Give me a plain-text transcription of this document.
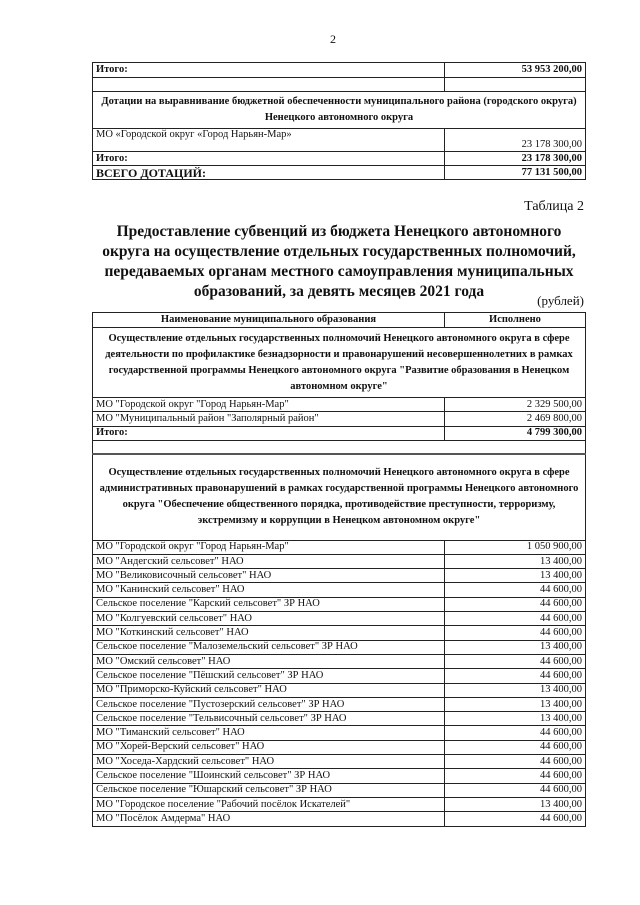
2
Итого:	53 953 200,00

Дотации на выравнивание бюджетной обеспеченности муниципального района (городского округа) Ненецкого автономного округа	
МО «Городской округ «Город Нарьян-Мар»	23 178 300,00
Итого:	23 178 300,00
ВСЕГО ДОТАЦИЙ:	77 131 500,00
Таблица 2
Предоставление субвенций из бюджета Ненецкого автономного округа на осуществление отдельных государственных полномочий, передаваемых органам местного самоуправления муниципальных образований, за девять месяцев 2021 года
(рублей)
Наименование муниципального образования	Исполнено
Осуществление отдельных государственных полномочий Ненецкого автономного округа в сфере деятельности по профилактике безнадзорности и правонарушений несовершеннолетних в рамках государственной программы Ненецкого автономного округа "Развитие образования в Ненецком автономном округе"	
МО "Городской округ "Город Нарьян-Мар"	2 329 500,00
МО "Муниципальный район "Заполярный район"	2 469 800,00
Итого:	4 799 300,00

Осуществление отдельных государственных полномочий Ненецкого автономного округа в сфере административных правонарушений в рамках государственной программы Ненецкого автономного округа "Обеспечение общественного порядка, противодействие преступности, терроризму, экстремизму и коррупции в Ненецком автономном округе"	
МО "Городской округ "Город Нарьян-Мар"	1 050 900,00
МО "Андегский сельсовет" НАО	13 400,00
МО "Великовисочный сельсовет" НАО	13 400,00
МО "Канинский сельсовет" НАО	44 600,00
Сельское поселение "Карский сельсовет" ЗР НАО	44 600,00
МО "Колгуевский сельсовет" НАО	44 600,00
МО "Коткинский сельсовет" НАО	44 600,00
Сельское поселение "Малоземельский сельсовет" ЗР НАО	13 400,00
МО "Омский сельсовет" НАО	44 600,00
Сельское поселение "Пёшский сельсовет" ЗР НАО	44 600,00
МО "Приморско-Куйский сельсовет" НАО	13 400,00
Сельское поселение "Пустозерский сельсовет" ЗР НАО	13 400,00
Сельское поселение "Тельвисочный сельсовет" ЗР НАО	13 400,00
МО "Тиманский сельсовет" НАО	44 600,00
МО "Хорей-Верский сельсовет" НАО	44 600,00
МО "Хоседа-Хардский сельсовет" НАО	44 600,00
Сельское поселение "Шоинский сельсовет" ЗР НАО	44 600,00
Сельское поселение "Юшарский сельсовет" ЗР НАО	44 600,00
МО "Городское поселение "Рабочий посёлок Искателей"	13 400,00
МО "Посёлок Амдерма" НАО	44 600,00
